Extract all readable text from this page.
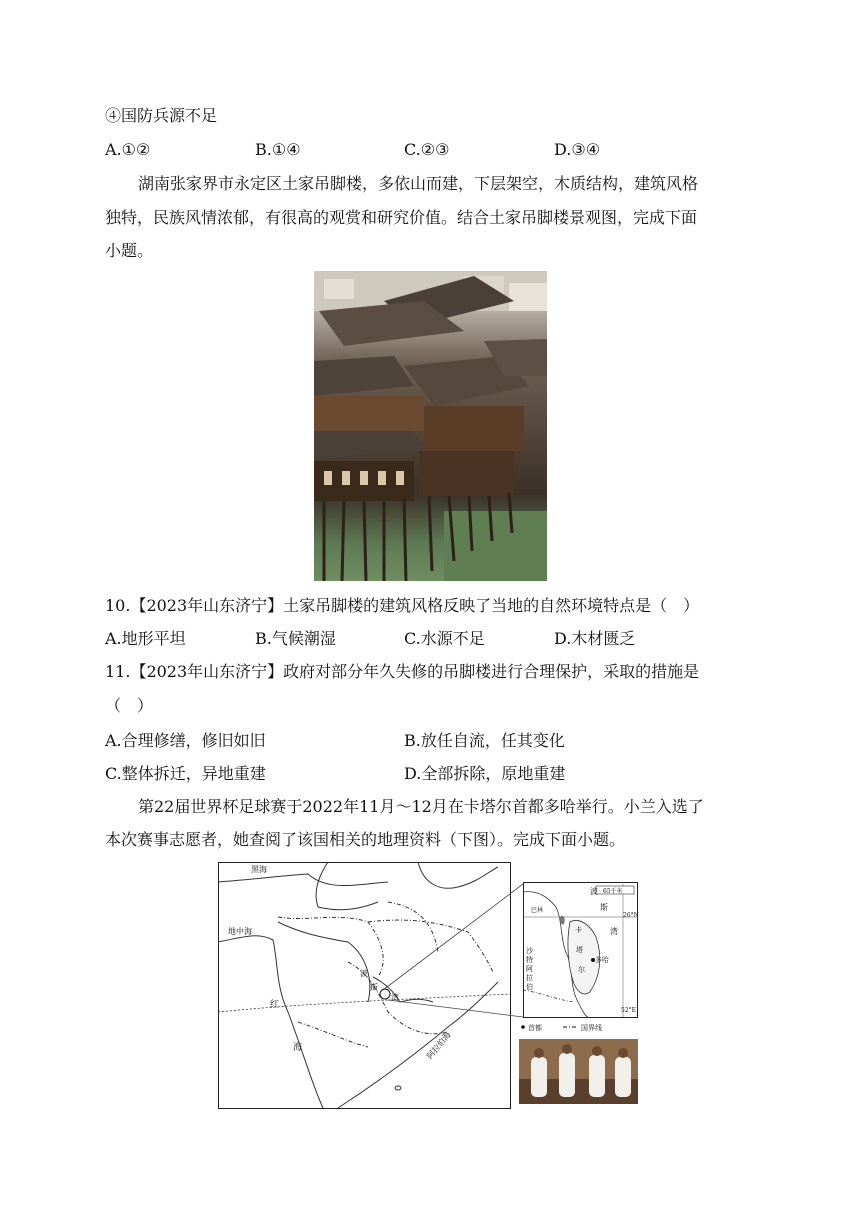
④国防兵源不足
A.①②	B.①④	C.②③	D.③④
湖南张家界市永定区土家吊脚楼，多依山而建，下层架空，木质结构，建筑风格
独特，民族风情浓郁，有很高的观赏和研究价值。结合土家吊脚楼景观图，完成下面
小题。
10.【2023年山东济宁】土家吊脚楼的建筑风格反映了当地的自然环境特点是（　）
A.地形平坦	B.气候潮湿	C.水源不足	D.木材匮乏
11.【2023年山东济宁】政府对部分年久失修的吊脚楼进行合理保护，采取的措施是
（　）
A.合理修缮，修旧如旧	B.放任自流，任其变化
C.整体拆迁，异地重建	D.全部拆除，原地重建
第22届世界杯足球赛于2022年11月～12月在卡塔尔首都多哈举行。小兰入选了
本次赛事志愿者，她查阅了该国相关的地理资料（下图）。完成下面小题。
黑海
地中海
红
海
波
斯
湾
阿拉伯海
波
斯
湾
巴林
卡
塔
尔
多哈
沙特阿拉伯
65千米
26°N
52°E
首都	国界线
